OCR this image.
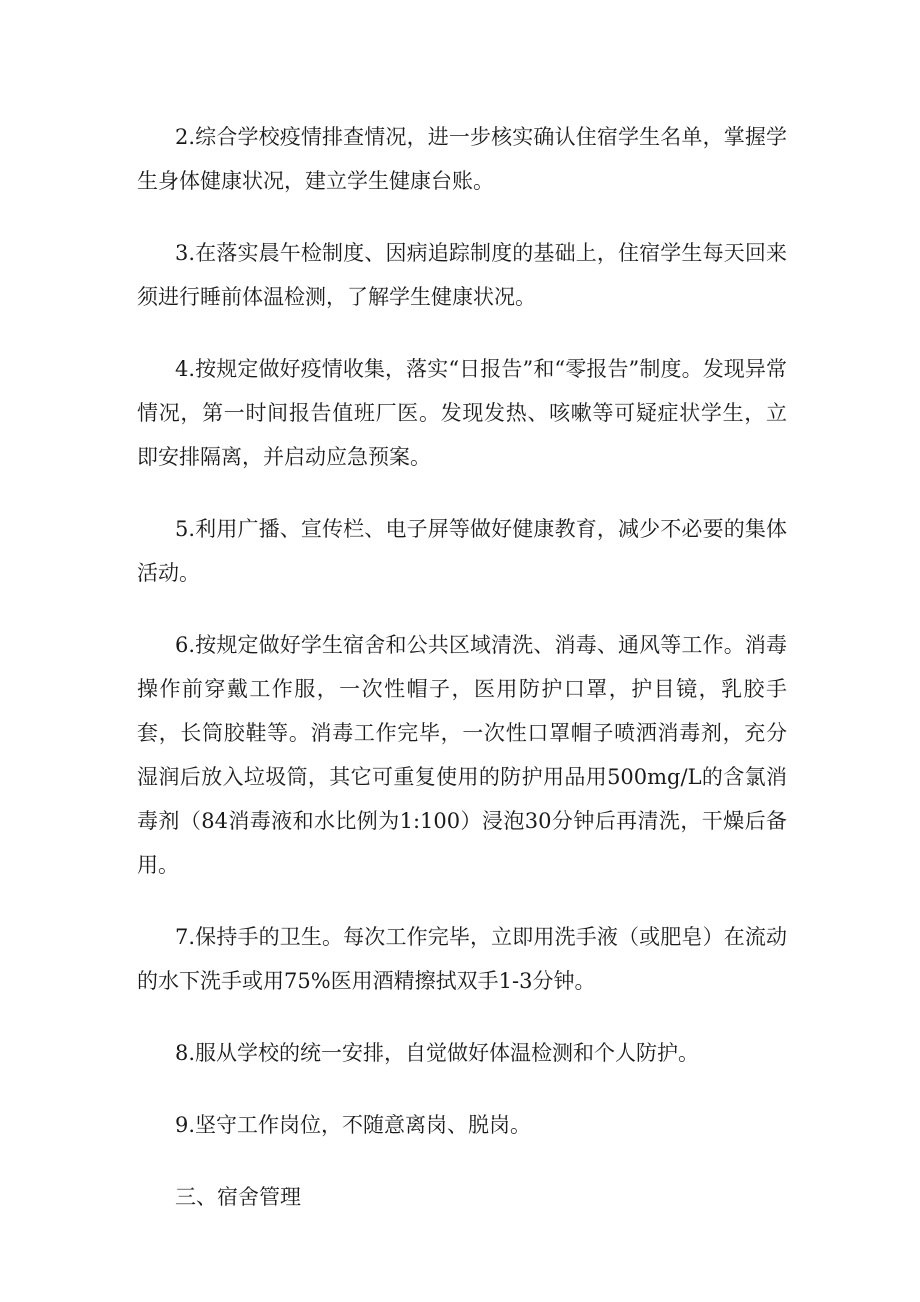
2.综合学校疫情排查情况，进一步核实确认住宿学生名单，掌握学生身体健康状况，建立学生健康台账。

3.在落实晨午检制度、因病追踪制度的基础上，住宿学生每天回来须进行睡前体温检测，了解学生健康状况。

4.按规定做好疫情收集，落实“日报告”和“零报告”制度。发现异常情况，第一时间报告值班厂医。发现发热、咳嗽等可疑症状学生，立即安排隔离，并启动应急预案。

5.利用广播、宣传栏、电子屏等做好健康教育，减少不必要的集体活动。

6.按规定做好学生宿舍和公共区域清洗、消毒、通风等工作。消毒操作前穿戴工作服，一次性帽子，医用防护口罩，护目镜，乳胶手套，长筒胶鞋等。消毒工作完毕，一次性口罩帽子喷洒消毒剂，充分湿润后放入垃圾筒，其它可重复使用的防护用品用500mg/L的含氯消毒剂（84消毒液和水比例为1:100）浸泡30分钟后再清洗，干燥后备用。

7.保持手的卫生。每次工作完毕，立即用洗手液（或肥皂）在流动的水下洗手或用75%医用酒精擦拭双手1-3分钟。

8.服从学校的统一安排，自觉做好体温检测和个人防护。

9.坚守工作岗位，不随意离岗、脱岗。

三、宿舍管理
